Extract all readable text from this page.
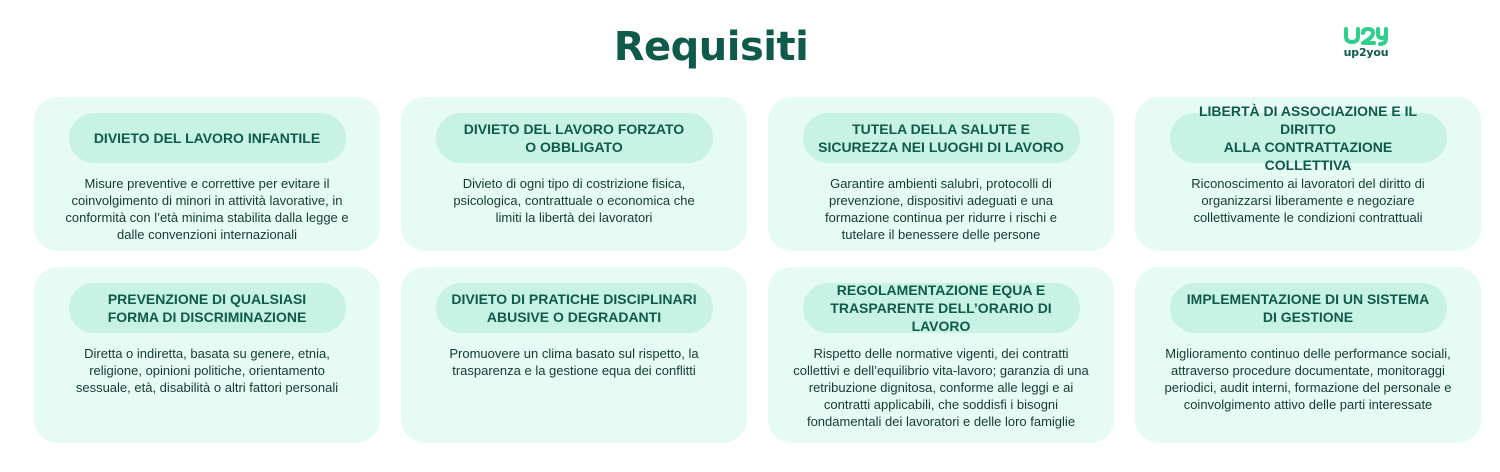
Requisiti	up2you
DIVIETO DEL LAVORO INFANTILE
Misure preventive e correttive per evitare il
coinvolgimento di minori in attività lavorative, in
conformità con l’età minima stabilita dalla legge e
dalle convenzioni internazionali
DIVIETO DEL LAVORO FORZATO
O OBBLIGATO
Divieto di ogni tipo di costrizione fisica,
psicologica, contrattuale o economica che
limiti la libertà dei lavoratori
TUTELA DELLA SALUTE E
SICUREZZA NEI LUOGHI DI LAVORO
Garantire ambienti salubri, protocolli di
prevenzione, dispositivi adeguati e una
formazione continua per ridurre i rischi e
tutelare il benessere delle persone
LIBERTÀ DI ASSOCIAZIONE E IL DIRITTO
ALLA CONTRATTAZIONE COLLETTIVA
Riconoscimento ai lavoratori del diritto di
organizzarsi liberamente e negoziare
collettivamente le condizioni contrattuali
PREVENZIONE DI QUALSIASI
FORMA DI DISCRIMINAZIONE
Diretta o indiretta, basata su genere, etnia,
religione, opinioni politiche, orientamento
sessuale, età, disabilità o altri fattori personali
DIVIETO DI PRATICHE DISCIPLINARI
ABUSIVE O DEGRADANTI
Promuovere un clima basato sul rispetto, la
trasparenza e la gestione equa dei conflitti
REGOLAMENTAZIONE EQUA E
TRASPARENTE DELL’ORARIO DI LAVORO
Rispetto delle normative vigenti, dei contratti
collettivi e dell’equilibrio vita-lavoro; garanzia di una
retribuzione dignitosa, conforme alle leggi e ai
contratti applicabili, che soddisfi i bisogni
fondamentali dei lavoratori e delle loro famiglie
IMPLEMENTAZIONE DI UN SISTEMA
DI GESTIONE
Miglioramento continuo delle performance sociali,
attraverso procedure documentate, monitoraggi
periodici, audit interni, formazione del personale e
coinvolgimento attivo delle parti interessate
